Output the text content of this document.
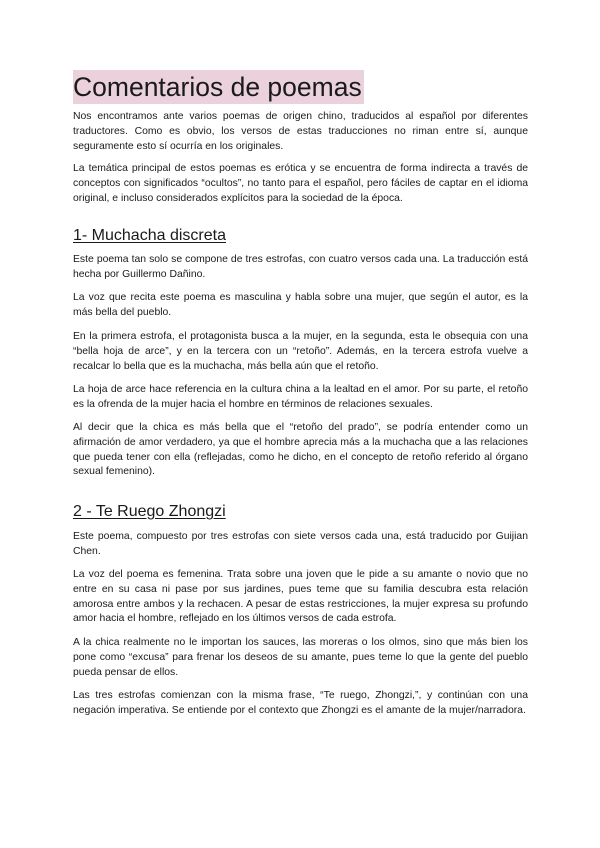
Comentarios de poemas

Nos encontramos ante varios poemas de origen chino, traducidos al español por diferentes traductores. Como es obvio, los versos de estas traducciones no riman entre sí, aunque seguramente esto sí ocurría en los originales.

La temática principal de estos poemas es erótica y se encuentra de forma indirecta a través de conceptos con significados “ocultos”, no tanto para el español, pero fáciles de captar en el idioma original, e incluso considerados explícitos para la sociedad de la época.

1- Muchacha discreta

Este poema tan solo se compone de tres estrofas, con cuatro versos cada una. La traducción está hecha por Guillermo Dañino.

La voz que recita este poema es masculina y habla sobre una mujer, que según el autor, es la más bella del pueblo.

En la primera estrofa, el protagonista busca a la mujer, en la segunda, esta le obsequia con una “bella hoja de arce”, y en la tercera con un “retoño”. Además, en la tercera estrofa vuelve a recalcar lo bella que es la muchacha, más bella aún que el retoño.

La hoja de arce hace referencia en la cultura china a la lealtad en el amor. Por su parte, el retoño es la ofrenda de la mujer hacia el hombre en términos de relaciones sexuales.

Al decir que la chica es más bella que el “retoño del prado”, se podría entender como un afirmación de amor verdadero, ya que el hombre aprecia más a la muchacha que a las relaciones que pueda tener con ella (reflejadas, como he dicho, en el concepto de retoño referido al órgano sexual femenino).

2 - Te Ruego Zhongzi

Este poema, compuesto por tres estrofas con siete versos cada una, está traducido por Guijian Chen.

La voz del poema es femenina. Trata sobre una joven que le pide a su amante o novio que no entre en su casa ni pase por sus jardines, pues teme que su familia descubra esta relación amorosa entre ambos y la rechacen. A pesar de estas restricciones, la mujer expresa su profundo amor hacia el hombre, reflejado en los últimos versos de cada estrofa.

A la chica realmente no le importan los sauces, las moreras o los olmos, sino que más bien los pone como “excusa” para frenar los deseos de su amante, pues teme lo que la gente del pueblo pueda pensar de ellos.

Las tres estrofas comienzan con la misma frase, “Te ruego, Zhongzi,”, y continúan con una negación imperativa. Se entiende por el contexto que Zhongzi es el amante de la mujer/narradora.
